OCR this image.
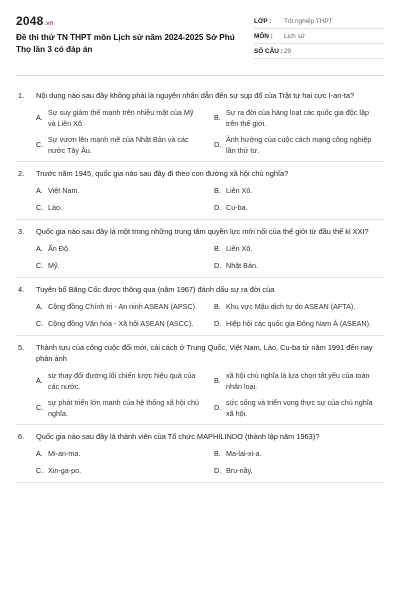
2048.vn
Đề thi thử TN THPT môn Lịch sử năm 2024-2025 Sở Phú Thọ lần 3 có đáp án
LỚP :	Tốt nghiệp THPT
MÔN :	Lịch sử
SỐ CÂU : 29
1.	Nội dung nào sau đây không phải là nguyên nhân dẫn đến sự sụp đổ của Trật tự hai cực I-an-ta?
A.
Sự suy giảm thế mạnh trên nhiều mặt của Mỹ và Liên Xô.
B.
Sự ra đời của hàng loạt các quốc gia độc lập trên thế giới.
C.
Sự vươn lên mạnh mẽ của Nhật Bản và các nước Tây Âu.
D.
Ảnh hưởng của cuộc cách mạng công nghiệp lần thứ tư.
2.	Trước năm 1945, quốc gia nào sau đây đi theo con đường xã hội chủ nghĩa?
A. Việt Nam.	B. Liên Xô.
C. Lào.	D. Cu-ba.
3.	Quốc gia nào sau đây là một trong những trung tâm quyền lực mới nổi của thế giới từ đầu thế kỉ XXI?
A. Ấn Độ.	B. Liên Xô.
C. Mỹ.	D. Nhật Bản.
4.	Tuyên bố Băng Cốc được thông qua (năm 1967) đánh dấu sự ra đời của
A. Cộng đồng Chính trị - An ninh ASEAN (APSC).	B. Khu vực Mậu dịch tự do ASEAN (AFTA).
C. Cộng đồng Văn hóa - Xã hội ASEAN (ASCC).	D. Hiệp hội các quốc gia Đông Nam Á (ASEAN).
5.	Thành tựu của công cuộc đổi mới, cải cách ở Trung Quốc, Việt Nam, Lào, Cu-ba từ năm 1991 đến nay phản ánh
A.
sự thay đổi đường lối chiến lược hiệu quả của các nước.
B.
xã hội chủ nghĩa là lựa chọn tất yếu của toàn nhân loại.
C.
sự phát triển lớn mạnh của hệ thống xã hội chủ nghĩa.
D.
sức sống và triển vọng thực sự của chủ nghĩa xã hội.
6.	Quốc gia nào sau đây là thành viên của Tổ chức MAPHILINDO (thành lập năm 1963)?
A. Mi-an-ma.	B. Ma-lai-xi-a.
C. Xin-ga-po.	D. Bru-nây.
